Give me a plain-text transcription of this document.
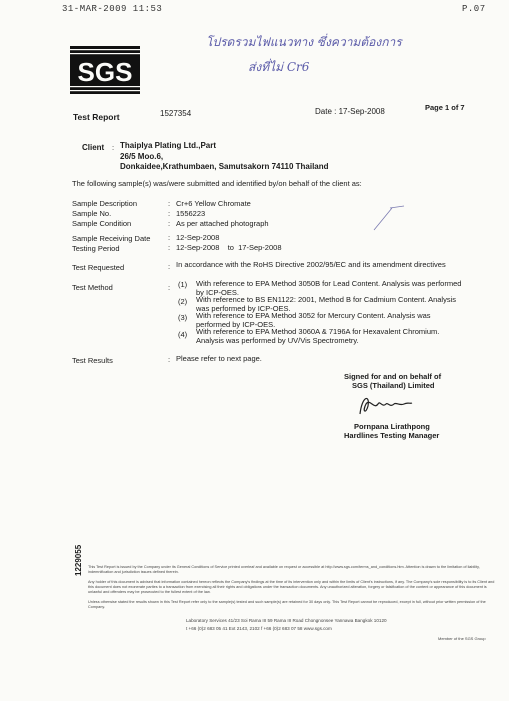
31-MAR-2009 11:53	P.07
โปรดรวมไฟแนวทาง ซึ่งความต้องการ
ส่งที่ไม่ Cr6
SGS
Test Report	1527354	Date : 17-Sep-2008	Page 1 of 7
Client : Thaiplya Plating Ltd.,Part
26/5 Moo.6,
Donkaidee,Krathumbaen, Samutsakorn 74110 Thailand
The following sample(s) was/were submitted and identified by/on behalf of the client as:
Sample Description	: Cr+6 Yellow Chromate
Sample No.	: 1556223
Sample Condition	: As per attached photograph
Sample Receiving Date : 12-Sep-2008
Testing Period	: 12-Sep-2008    to  17-Sep-2008
Test Requested	: In accordance with the RoHS Directive 2002/95/EC and its amendment directives
Test Method	: (1) With reference to EPA Method 3050B for Lead Content. Analysis was performed
by ICP-OES.
(2) With reference to BS EN1122: 2001, Method B for Cadmium Content. Analysis
was performed by ICP-OES.
(3) With reference to EPA Method 3052 for Mercury Content. Analysis was
performed by ICP-OES.
(4) With reference to EPA Method 3060A & 7196A for Hexavalent Chromium.
Analysis was performed by UV/Vis Spectrometry.
Test Results	: Please refer to next page.
Signed for and on behalf of
SGS (Thailand) Limited
Pornpana Lirathpong
Hardlines Testing Manager
1229055 This Test Report is issued by the Company under its General Conditions of Service printed overleaf and available on request or accessible at http://www.sgs.com/terms_and_conditions.htm. Attention is drawn to the limitation of liability, indemnification and jurisdiction issues defined therein.
Any holder of this document is advised that information contained hereon reflects the Company's findings at the time of its intervention only and within the limits of Client's instructions, if any. The Company's sole responsibility is to its Client and this document does not exonerate parties to a transaction from exercising all their rights and obligations under the transaction documents. Any unauthorized alteration, forgery or falsification of the content or appearance of this document is unlawful and offenders may be prosecuted to the fullest extent of the law.
Unless otherwise stated the results shown in this Test Report refer only to the sample(s) tested and such sample(s) are retained for 30 days only. This Test Report cannot be reproduced, except in full, without prior written permission of the Company.
Laboratory Services 41/23 Soi Rama III 59 Rama III Road Chongnonsee Yannawa Bangkok 10120
t +66 (0)2 683 05 41 Ext 2143, 2102 f +66 (0)2 683 07 58 www.sgs.com
Member of the SGS Group
